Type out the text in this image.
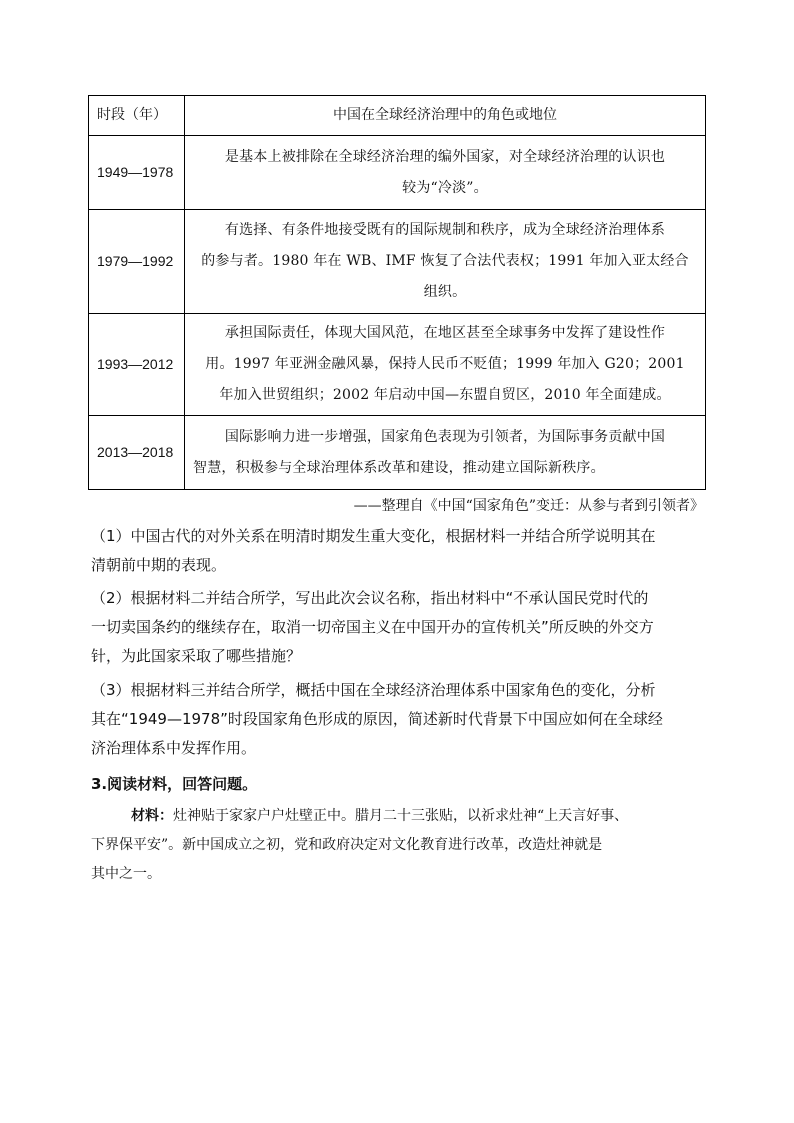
时段（年）	中国在全球经济治理中的角色或地位
1949—1978	是基本上被排除在全球经济治理的编外国家，对全球经济治理的认识也
较为“冷淡”。

1979—1992	有选择、有条件地接受既有的国际规制和秩序，成为全球经济治理体系
的参与者。1980 年在 WB、IMF 恢复了合法代表权；1991 年加入亚太经合
组织。

1993—2012	承担国际责任，体现大国风范，在地区甚至全球事务中发挥了建设性作
用。1997 年亚洲金融风暴，保持人民币不贬值；1999 年加入 G20；2001
年加入世贸组织；2002 年启动中国—东盟自贸区，2010 年全面建成。

2013—2018	国际影响力进一步增强，国家角色表现为引领者，为国际事务贡献中国
智慧，积极参与全球治理体系改革和建设，推动建立国际新秩序。
——整理自《中国“国家角色”变迁：从参与者到引领者》
（1）中国古代的对外关系在明清时期发生重大变化，根据材料一并结合所学说明其在
清朝前中期的表现。
（2）根据材料二并结合所学，写出此次会议名称，指出材料中“不承认国民党时代的
一切卖国条约的继续存在，取消一切帝国主义在中国开办的宣传机关”所反映的外交方
针，为此国家采取了哪些措施？
（3）根据材料三并结合所学，概括中国在全球经济治理体系中国家角色的变化，分析
其在“1949—1978”时段国家角色形成的原因，简述新时代背景下中国应如何在全球经
济治理体系中发挥作用。
3.阅读材料，回答问题。
材料：灶神贴于家家户户灶壁正中。腊月二十三张贴，以祈求灶神“上天言好事、
下界保平安”。新中国成立之初，党和政府决定对文化教育进行改革，改造灶神就是
其中之一。
